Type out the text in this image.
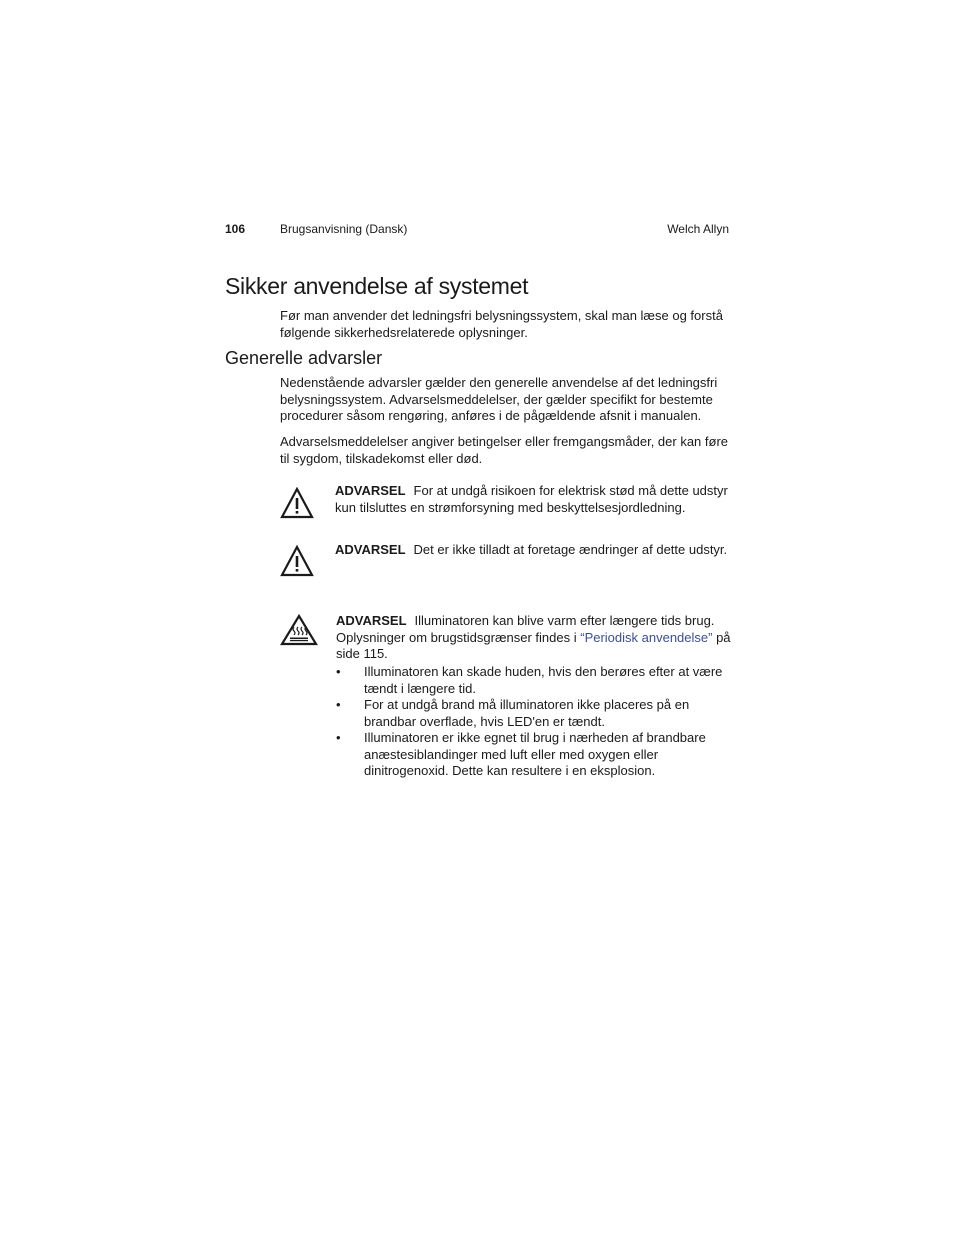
106	Brugsanvisning (Dansk)	Welch Allyn
Sikker anvendelse af systemet

Før man anvender det ledningsfri belysningssystem, skal man læse og forstå følgende sikkerhedsrelaterede oplysninger.

Generelle advarsler

Nedenstående advarsler gælder den generelle anvendelse af det ledningsfri belysningssystem. Advarselsmeddelelser, der gælder specifikt for bestemte procedurer såsom rengøring, anføres i de pågældende afsnit i manualen.

Advarselsmeddelelser angiver betingelser eller fremgangsmåder, der kan føre til sygdom, tilskadekomst eller død.

ADVARSEL For at undgå risikoen for elektrisk stød må dette udstyr kun tilsluttes en strømforsyning med beskyttelsesjordledning.

ADVARSEL Det er ikke tilladt at foretage ændringer af dette udstyr.

ADVARSEL Illuminatoren kan blive varm efter længere tids brug. Oplysninger om brugstidsgrænser findes i “Periodisk anvendelse” på side 115.

• Illuminatoren kan skade huden, hvis den berøres efter at være tændt i længere tid.
• For at undgå brand må illuminatoren ikke placeres på en brandbar overflade, hvis LED'en er tændt.
• Illuminatoren er ikke egnet til brug i nærheden af brandbare anæstesiblandinger med luft eller med oxygen eller dinitrogenoxid. Dette kan resultere i en eksplosion.
